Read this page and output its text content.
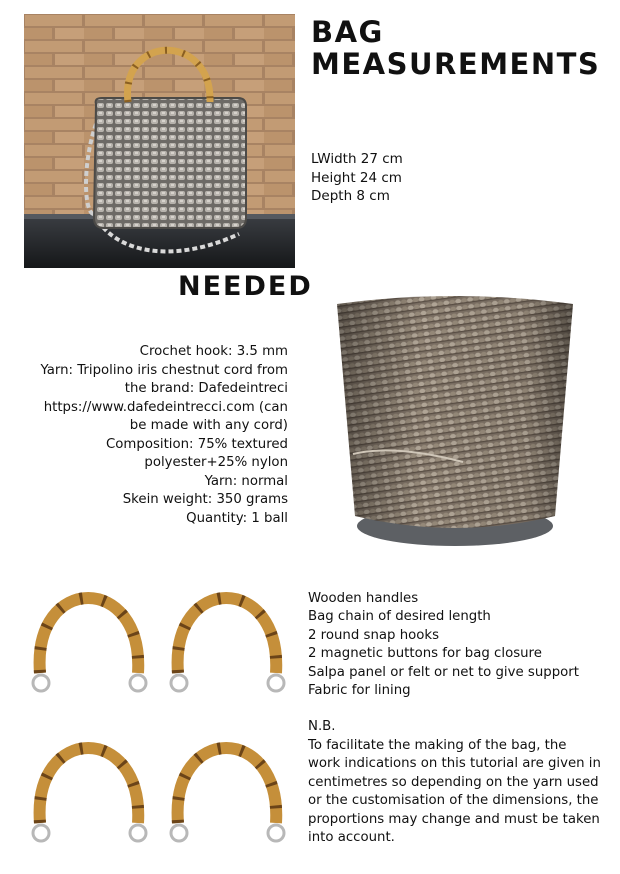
BAG
MEASUREMENTS
LWidth 27 cm
Height 24 cm
Depth 8 cm
NEEDED
Crochet hook: 3.5 mm
Yarn: Tripolino iris chestnut cord from
the brand: Dafedeintreci
https://www.dafedeintrecci.com (can
be made with any cord)
Composition: 75% textured
polyester+25% nylon
Yarn: normal
Skein weight: 350 grams
Quantity: 1 ball
Wooden handles
Bag chain of desired length
2 round snap hooks
2 magnetic buttons for bag closure
Salpa panel or felt or net to give support
Fabric for lining
N.B.
To facilitate the making of the bag, the
work indications on this tutorial are given in
centimetres so depending on the yarn used
or the customisation of the dimensions, the
proportions may change and must be taken
into account.
